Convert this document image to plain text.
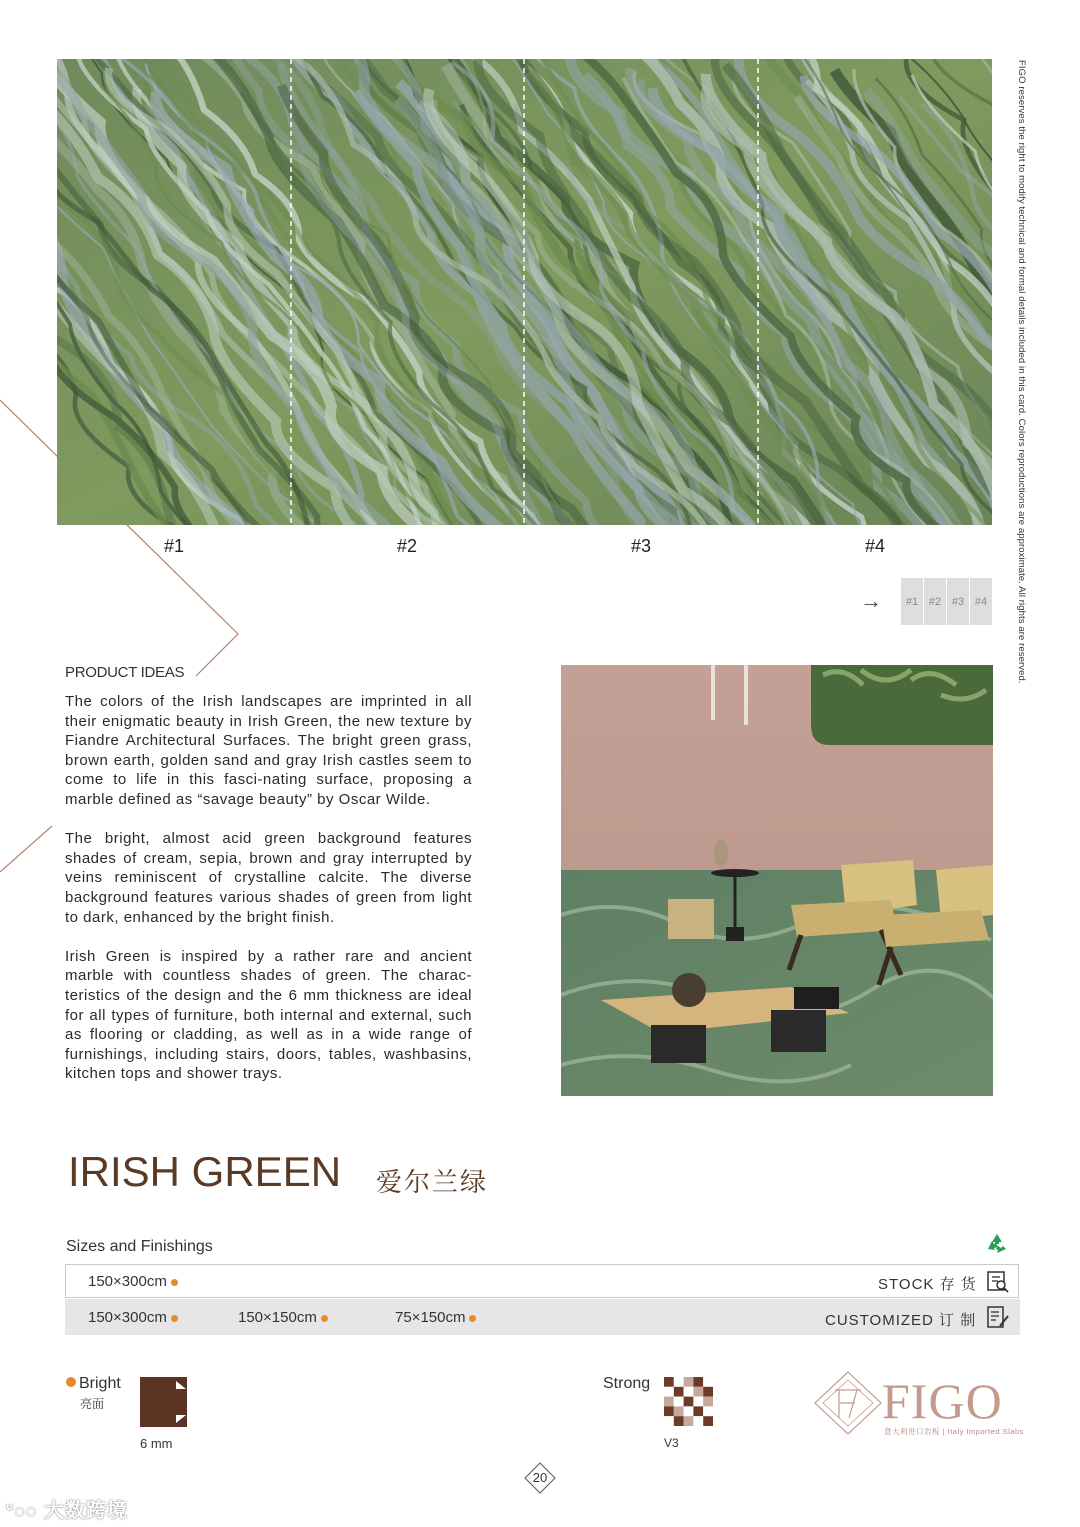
#1	#2	#3	#4
→	#1 #2 #3 #4	FIGO reserves the right to modify technical and formal details included in this card. Colors reproductions are approximate. All rights are reserved.
PRODUCT IDEAS

The colors of the Irish landscapes are imprinted in all their enigmatic beauty in Irish Green, the new texture by Fiandre Architectural Surfaces. The bright green grass, brown earth, golden sand and gray Irish castles seem to come to life in this fasci-nating surface, proposing a marble defined as “savage beauty” by Oscar Wilde.

The bright, almost acid green background features shades of cream, sepia, brown and gray interrupted by veins reminiscent of crystalline calcite. The diverse background features various shades of green from light to dark, enhanced by the bright finish.

Irish Green is inspired by a rather rare and ancient marble with countless shades of green. The charac-teristics of the design and the 6 mm thickness are ideal for all types of furniture, both internal and external, such as flooring or cladding, as well as in a wide range of furnishings, including stairs, doors, tables, washbasins, kitchen tops and shower trays.

IRISH GREEN 爱尔兰绿
Sizes and Finishings
150×300cm	STOCK 存 货
150×300cm	150×150cm	75×150cm	CUSTOMIZED 订 制
Bright
亮面
6 mm
Strong
V3
FIGO
意大利进口岩板 | Italy Imported Slabs
20
ᐡ◌◌ 大数跨境
